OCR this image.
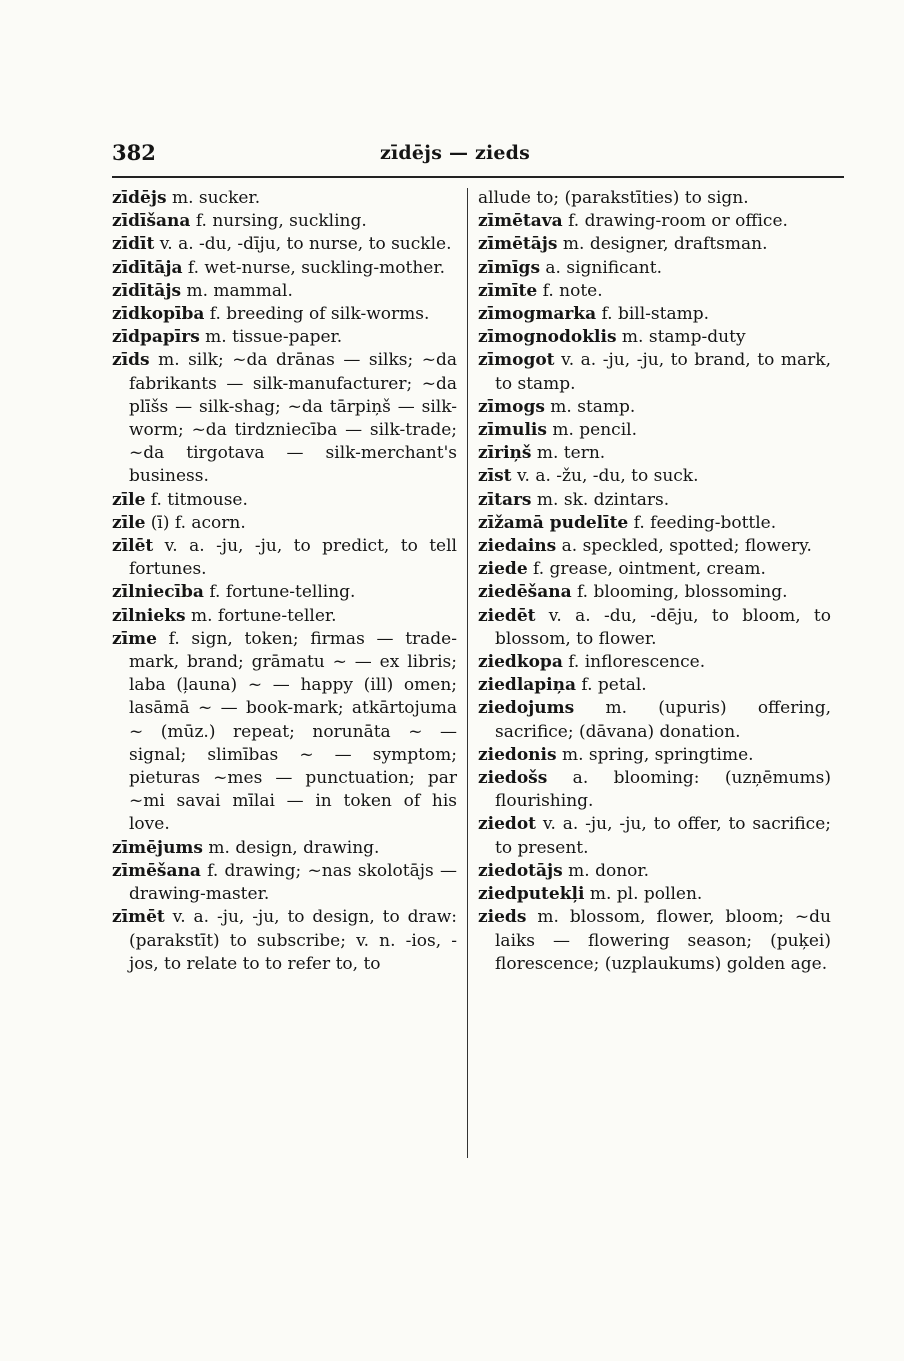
382	zīdējs — zieds

zīdējs m. sucker.

zīdīšana f. nursing, suckling.

zīdīt v. a. -du, -dīju, to nurse, to suckle.

zīdītāja f. wet-nurse, suckling-mother.

zīdītājs m. mammal.

zīdkopība f. breeding of silk-worms.

zīdpapīrs m. tissue-paper.

zīds m. silk; ~da drānas — silks; ~da fabrikants — silk-manufacturer; ~da plīšs — silk-shag; ~da tārpiņš — silk-worm; ~da tirdzniecība — silk-trade; ~da tirgotava — silk-merchant's business.

zīle f. titmouse.

zīle (ī) f. acorn.

zīlēt v. a. -ju, -ju, to predict, to tell fortunes.

zīlniecība f. fortune-telling.

zīlnieks m. fortune-teller.

zīme f. sign, token; firmas — trade-mark, brand; grāmatu ~ — ex libris; laba (ļauna) ~ — happy (ill) omen; lasāmā ~ — book-mark; atkārtojuma ~ (mūz.) repeat; norunāta ~ — signal; slimības ~ — symptom; pieturas ~mes — punctuation; par ~mi savai mīlai — in token of his love.

zīmējums m. design, drawing.

zīmēšana f. drawing; ~nas skolotājs — drawing-master.

zīmēt v. a. -ju, -ju, to design, to draw: (parakstīt) to subscribe; v. n. -ios, -jos, to relate to to refer to, to

allude to; (parakstīties) to sign.

zīmētava f. drawing-room or office.

zīmētājs m. designer, draftsman.

zīmīgs a. significant.

zīmīte f. note.

zīmogmarka f. bill-stamp.

zīmognodoklis m. stamp-duty

zīmogot v. a. -ju, -ju, to brand, to mark, to stamp.

zīmogs m. stamp.

zīmulis m. pencil.

zīriņš m. tern.

zīst v. a. -žu, -du, to suck.

zītars m. sk. dzintars.

zīžamā pudelīte f. feeding-bottle.

ziedains a. speckled, spotted; flowery.

ziede f. grease, ointment, cream.

ziedēšana f. blooming, blossoming.

ziedēt v. a. -du, -dēju, to bloom, to blossom, to flower.

ziedkopa f. inflorescence.

ziedlapiņa f. petal.

ziedojums m. (upuris) offering, sacrifice; (dāvana) donation.

ziedonis m. spring, springtime.

ziedošs a. blooming: (uzņēmums) flourishing.

ziedot v. a. -ju, -ju, to offer, to sacrifice; to present.

ziedotājs m. donor.

ziedputekļi m. pl. pollen.

zieds m. blossom, flower, bloom; ~du laiks — flowering season; (puķei) florescence; (uzplaukums) golden age.
